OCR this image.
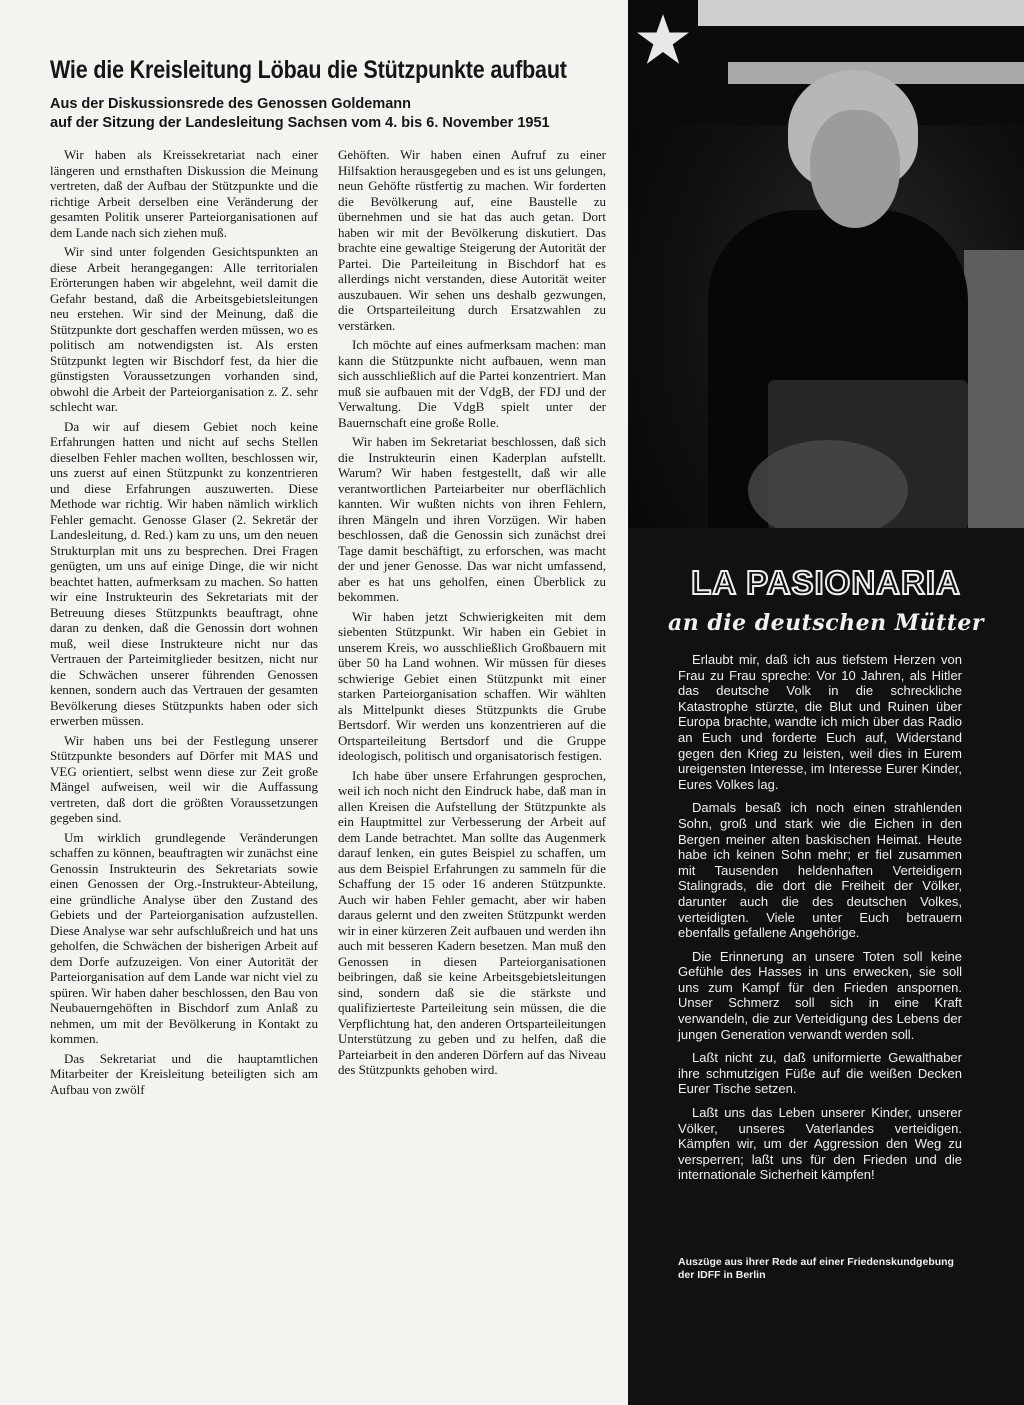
Wie die Kreisleitung Löbau die Stützpunkte aufbaut
Aus der Diskussionsrede des Genossen Goldemann
auf der Sitzung der Landesleitung Sachsen vom 4. bis 6. November 1951

Wir haben als Kreissekretariat nach einer längeren und ernsthaften Diskussion die Meinung vertreten, daß der Aufbau der Stützpunkte und die richtige Arbeit derselben eine Veränderung der gesamten Politik unserer Parteiorganisationen auf dem Lande nach sich ziehen muß.

Wir sind unter folgenden Gesichtspunkten an diese Arbeit herangegangen: Alle territorialen Erörterungen haben wir abgelehnt, weil damit die Gefahr bestand, daß die Arbeitsgebietsleitungen neu erstehen. Wir sind der Meinung, daß die Stützpunkte dort geschaffen werden müssen, wo es politisch am notwendigsten ist. Als ersten Stützpunkt legten wir Bischdorf fest, da hier die günstigsten Voraussetzungen vorhanden sind, obwohl die Arbeit der Parteiorganisation z. Z. sehr schlecht war.

Da wir auf diesem Gebiet noch keine Erfahrungen hatten und nicht auf sechs Stellen dieselben Fehler machen wollten, beschlossen wir, uns zuerst auf einen Stützpunkt zu konzentrieren und diese Erfahrungen auszuwerten. Diese Methode war richtig. Wir haben nämlich wirklich Fehler gemacht. Genosse Glaser (2. Sekretär der Landesleitung, d. Red.) kam zu uns, um den neuen Strukturplan mit uns zu besprechen. Drei Fragen genügten, um uns auf einige Dinge, die wir nicht beachtet hatten, aufmerksam zu machen. So hatten wir eine Instrukteurin des Sekretariats mit der Betreuung dieses Stützpunkts beauftragt, ohne daran zu denken, daß die Genossin dort wohnen muß, weil diese Instrukteure nicht nur das Vertrauen der Parteimitglieder besitzen, nicht nur die Schwächen unserer führenden Genossen kennen, sondern auch das Vertrauen der gesamten Bevölkerung dieses Stützpunkts haben oder sich erwerben müssen.

Wir haben uns bei der Festlegung unserer Stützpunkte besonders auf Dörfer mit MAS und VEG orientiert, selbst wenn diese zur Zeit große Mängel aufweisen, weil wir die Auffassung vertreten, daß dort die größten Voraussetzungen gegeben sind.

Um wirklich grundlegende Veränderungen schaffen zu können, beauftragten wir zunächst eine Genossin Instrukteurin des Sekretariats sowie einen Genossen der Org.-Instrukteur-Abteilung, eine gründliche Analyse über den Zustand des Gebiets und der Parteiorganisation aufzustellen. Diese Analyse war sehr aufschlußreich und hat uns geholfen, die Schwächen der bisherigen Arbeit auf dem Dorfe aufzuzeigen. Von einer Autorität der Parteiorganisation auf dem Lande war nicht viel zu spüren. Wir haben daher beschlossen, den Bau von Neubauerngehöften in Bischdorf zum Anlaß zu nehmen, um mit der Bevölkerung in Kontakt zu kommen.

Das Sekretariat und die hauptamtlichen Mitarbeiter der Kreisleitung beteiligten sich am Aufbau von zwölf

Gehöften. Wir haben einen Aufruf zu einer Hilfsaktion herausgegeben und es ist uns gelungen, neun Gehöfte rüstfertig zu machen. Wir forderten die Bevölkerung auf, eine Baustelle zu übernehmen und sie hat das auch getan. Dort haben wir mit der Bevölkerung diskutiert. Das brachte eine gewaltige Steigerung der Autorität der Partei. Die Parteileitung in Bischdorf hat es allerdings nicht verstanden, diese Autorität weiter auszubauen. Wir sehen uns deshalb gezwungen, die Ortsparteileitung durch Ersatzwahlen zu verstärken.

Ich möchte auf eines aufmerksam machen: man kann die Stützpunkte nicht aufbauen, wenn man sich ausschließlich auf die Partei konzentriert. Man muß sie aufbauen mit der VdgB, der FDJ und der Verwaltung. Die VdgB spielt unter der Bauernschaft eine große Rolle.

Wir haben im Sekretariat beschlossen, daß sich die Instrukteurin einen Kaderplan aufstellt. Warum? Wir haben festgestellt, daß wir alle verantwortlichen Parteiarbeiter nur oberflächlich kannten. Wir wußten nichts von ihren Fehlern, ihren Mängeln und ihren Vorzügen. Wir haben beschlossen, daß die Genossin sich zunächst drei Tage damit beschäftigt, zu erforschen, was macht der und jener Genosse. Das war nicht umfassend, aber es hat uns geholfen, einen Überblick zu bekommen.

Wir haben jetzt Schwierigkeiten mit dem siebenten Stützpunkt. Wir haben ein Gebiet in unserem Kreis, wo ausschließlich Großbauern mit über 50 ha Land wohnen. Wir müssen für dieses schwierige Gebiet einen Stützpunkt mit einer starken Parteiorganisation schaffen. Wir wählten als Mittelpunkt dieses Stützpunkts die Grube Bertsdorf. Wir werden uns konzentrieren auf die Ortsparteileitung Bertsdorf und die Gruppe ideologisch, politisch und organisatorisch festigen.

Ich habe über unsere Erfahrungen gesprochen, weil ich noch nicht den Eindruck habe, daß man in allen Kreisen die Aufstellung der Stützpunkte als ein Hauptmittel zur Verbesserung der Arbeit auf dem Lande betrachtet. Man sollte das Augenmerk darauf lenken, ein gutes Beispiel zu schaffen, um aus dem Beispiel Erfahrungen zu sammeln für die Schaffung der 15 oder 16 anderen Stützpunkte. Auch wir haben Fehler gemacht, aber wir haben daraus gelernt und den zweiten Stützpunkt werden wir in einer kürzeren Zeit aufbauen und werden ihn auch mit besseren Kadern besetzen. Man muß den Genossen in diesen Parteiorganisationen beibringen, daß sie keine Arbeitsgebietsleitungen sind, sondern daß sie die stärkste und qualifizierteste Parteileitung sein müssen, die die Verpflichtung hat, den anderen Ortsparteileitungen Unterstützung zu geben und zu helfen, daß die Parteiarbeit in den anderen Dörfern auf das Niveau des Stützpunkts gehoben wird.

LA PASIONARIA
an die deutschen Mütter

Erlaubt mir, daß ich aus tiefstem Herzen von Frau zu Frau spreche: Vor 10 Jahren, als Hitler das deutsche Volk in die schreckliche Katastrophe stürzte, die Blut und Ruinen über Europa brachte, wandte ich mich über das Radio an Euch und forderte Euch auf, Widerstand gegen den Krieg zu leisten, weil dies in Eurem ureigensten Interesse, im Interesse Eurer Kinder, Eures Volkes lag.

Damals besaß ich noch einen strahlenden Sohn, groß und stark wie die Eichen in den Bergen meiner alten baskischen Heimat. Heute habe ich keinen Sohn mehr; er fiel zusammen mit Tausenden heldenhaften Verteidigern Stalingrads, die dort die Freiheit der Völker, darunter auch die des deutschen Volkes, verteidigten. Viele unter Euch betrauern ebenfalls gefallene Angehörige.

Die Erinnerung an unsere Toten soll keine Gefühle des Hasses in uns erwecken, sie soll uns zum Kampf für den Frieden anspornen. Unser Schmerz soll sich in eine Kraft verwandeln, die zur Verteidigung des Lebens der jungen Generation verwandt werden soll.

Laßt nicht zu, daß uniformierte Gewalthaber ihre schmutzigen Füße auf die weißen Decken Eurer Tische setzen.

Laßt uns das Leben unserer Kinder, unserer Völker, unseres Vaterlandes verteidigen. Kämpfen wir, um der Aggression den Weg zu versperren; laßt uns für den Frieden und die internationale Sicherheit kämpfen!

Auszüge aus ihrer Rede auf einer Friedenskundgebung der IDFF in Berlin
